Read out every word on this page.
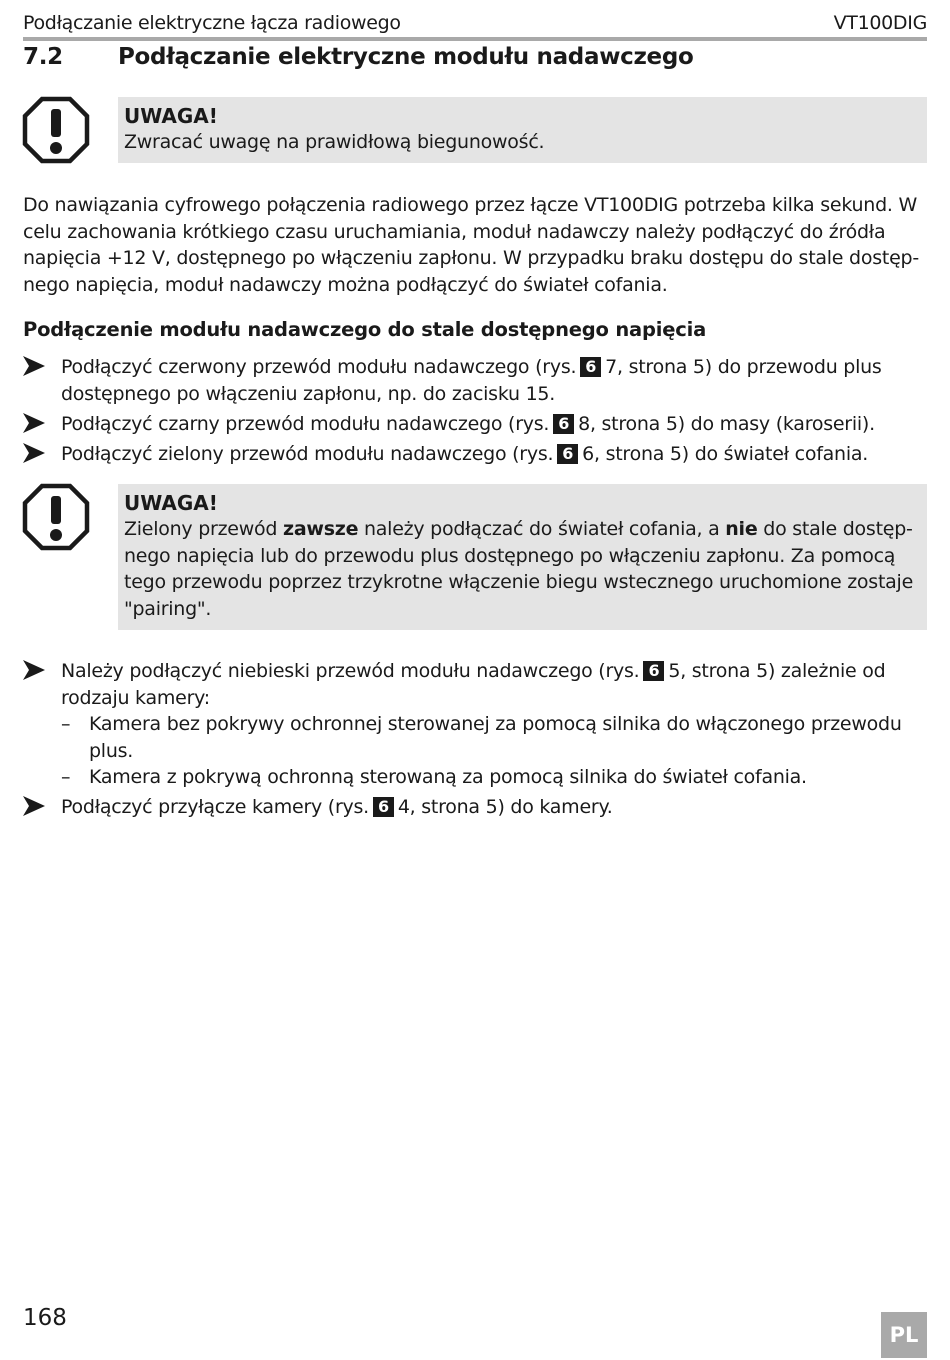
Podłączanie elektryczne łącza radiowego	VT100DIG
7.2 Podłączanie elektryczne modułu nadawczego
UWAGA!
Zwracać uwagę na prawidłową biegunowość.
Do nawiązania cyfrowego połączenia radiowego przez łącze VT100DIG potrzeba kilka sekund. W celu zachowania krótkiego czasu uruchamiania, moduł nadawczy należy podłączyć do źródła napięcia +12 V, dostępnego po włączeniu zapłonu. W przypadku braku dostępu do stale dostęp-nego napięcia, moduł nadawczy można podłączyć do świateł cofania.
Podłączenie modułu nadawczego do stale dostępnego napięcia
Podłączyć czerwony przewód modułu nadawczego (rys. 6 7, strona 5) do przewodu plus dostępnego po włączeniu zapłonu, np. do zacisku 15.
Podłączyć czarny przewód modułu nadawczego (rys. 6 8, strona 5) do masy (karoserii).
Podłączyć zielony przewód modułu nadawczego (rys. 6 6, strona 5) do świateł cofania.
UWAGA!
Zielony przewód zawsze należy podłączać do świateł cofania, a nie do stale dostęp-nego napięcia lub do przewodu plus dostępnego po włączeniu zapłonu. Za pomocą tego przewodu poprzez trzykrotne włączenie biegu wstecznego uruchomione zostaje "pairing".
Należy podłączyć niebieski przewód modułu nadawczego (rys. 6 5, strona 5) zależnie od rodzaju kamery:
– Kamera bez pokrywy ochronnej sterowanej za pomocą silnika do włączonego przewodu plus.
– Kamera z pokrywą ochronną sterowaną za pomocą silnika do świateł cofania.
Podłączyć przyłącze kamery (rys. 6 4, strona 5) do kamery.
168
PL
